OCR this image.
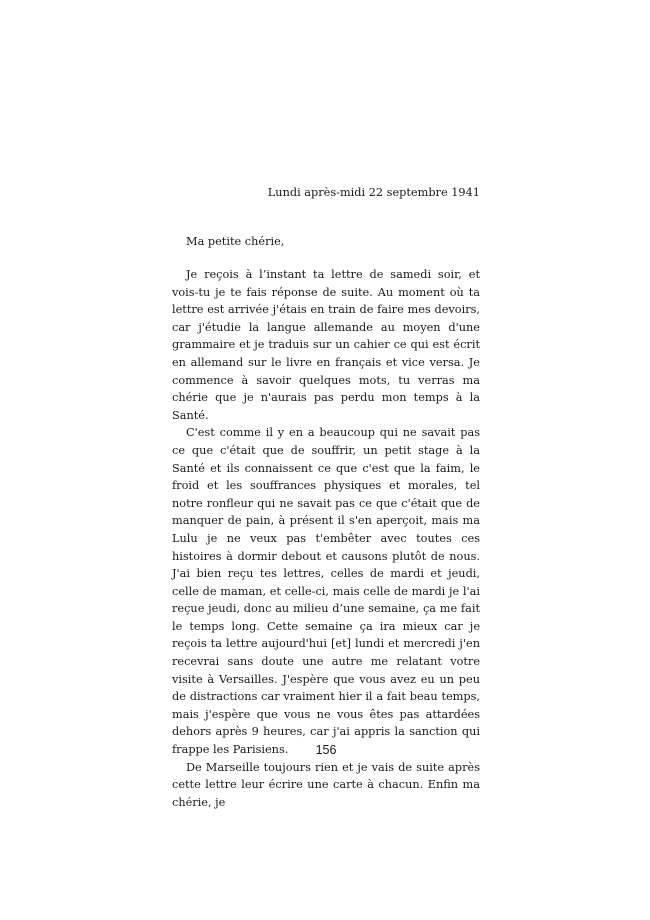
Lundi après-midi 22 septembre 1941
Ma petite chérie,

Je reçois à l’instant ta lettre de samedi soir, et vois-tu je te fais réponse de suite. Au moment où ta lettre est arrivée j'étais en train de faire mes devoirs, car j'étudie la langue allemande au moyen d'une grammaire et je traduis sur un cahier ce qui est écrit en allemand sur le livre en français et vice versa. Je commence à savoir quelques mots, tu verras ma chérie que je n'aurais pas perdu mon temps à la Santé.

C'est comme il y en a beaucoup qui ne savait pas ce que c'était que de souffrir, un petit stage à la Santé et ils connaissent ce que c'est que la faim, le froid et les souffrances physiques et morales, tel notre ronfleur qui ne savait pas ce que c'était que de manquer de pain, à présent il s'en aperçoit, mais ma Lulu je ne veux pas t'embêter avec toutes ces histoires à dormir debout et causons plutôt de nous. J'ai bien reçu tes lettres, celles de mardi et jeudi, celle de maman, et celle-ci, mais celle de mardi je l'ai reçue jeudi, donc au milieu d’une semaine, ça me fait le temps long. Cette semaine ça ira mieux car je reçois ta lettre aujourd'hui [et] lundi et mercredi j'en recevrai sans doute une autre me relatant votre visite à Versailles. J'espère que vous avez eu un peu de distractions car vraiment hier il a fait beau temps, mais j'espère que vous ne vous êtes pas attardées dehors après 9 heures, car j'ai appris la sanction qui frappe les Parisiens.

De Marseille toujours rien et je vais de suite après cette lettre leur écrire une carte à chacun. Enfin ma chérie, je

156
